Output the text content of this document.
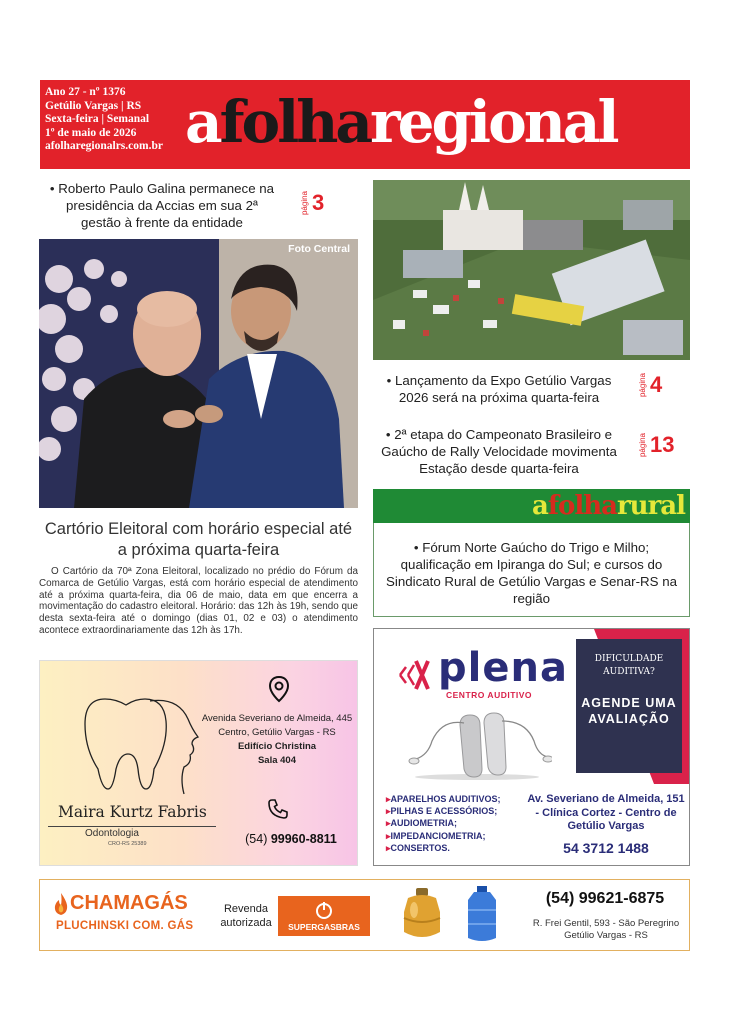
Ano 27 - nº 1376
Getúlio Vargas | RS
Sexta-feira | Semanal
1º de maio de 2026
afolharegionalrs.com.br afolharegional
• Roberto Paulo Galina permanece na presidência da Accias em sua 2ª gestão à frente da entidade
página 3
Foto Central
• Lançamento da Expo Getúlio Vargas 2026 será na próxima quarta-feira
página 4
• 2ª etapa do Campeonato Brasileiro e Gaúcho de Rally Velocidade movimenta Estação desde quarta-feira
página 13
Cartório Eleitoral com horário especial até a próxima quarta-feira
O Cartório da 70ª Zona Eleitoral, localizado no prédio do Fórum da Comarca de Getúlio Vargas, está com horário especial de atendimento até a próxima quarta-feira, dia 06 de maio, data em que encerra a movimentação do cadastro eleitoral. Horário: das 12h às 19h, sendo que desta sexta-feira até o domingo (dias 01, 02 e 03) o atendimento acontece extraordinariamente das 12h às 17h.
afolharural
• Fórum Norte Gaúcho do Trigo e Milho; qualificação em Ipiranga do Sul; e cursos do Sindicato Rural de Getúlio Vargas e Senar-RS na região
Maira Kurtz Fabris
Odontologia
CRO-RS 25389
Avenida Severiano de Almeida, 445
Centro, Getúlio Vargas - RS
Edifício Christina
Sala 404
(54) 99960-8811
plena
CENTRO AUDITIVO
DIFICULDADE AUDITIVA?
AGENDE UMA AVALIAÇÃO
▸APARELHOS AUDITIVOS;
▸PILHAS E ACESSÓRIOS;
▸AUDIOMETRIA;
▸IMPEDANCIOMETRIA;
▸CONSERTOS.
Av. Severiano de Almeida, 151 - Clínica Cortez - Centro de Getúlio Vargas
54 3712 1488
CHAMAGÁS
PLUCHINSKI COM. GÁS
Revenda autorizada	SUPERGASBRAS
(54) 99621-6875
R. Frei Gentil, 593 - São Peregrino
Getúlio Vargas - RS
